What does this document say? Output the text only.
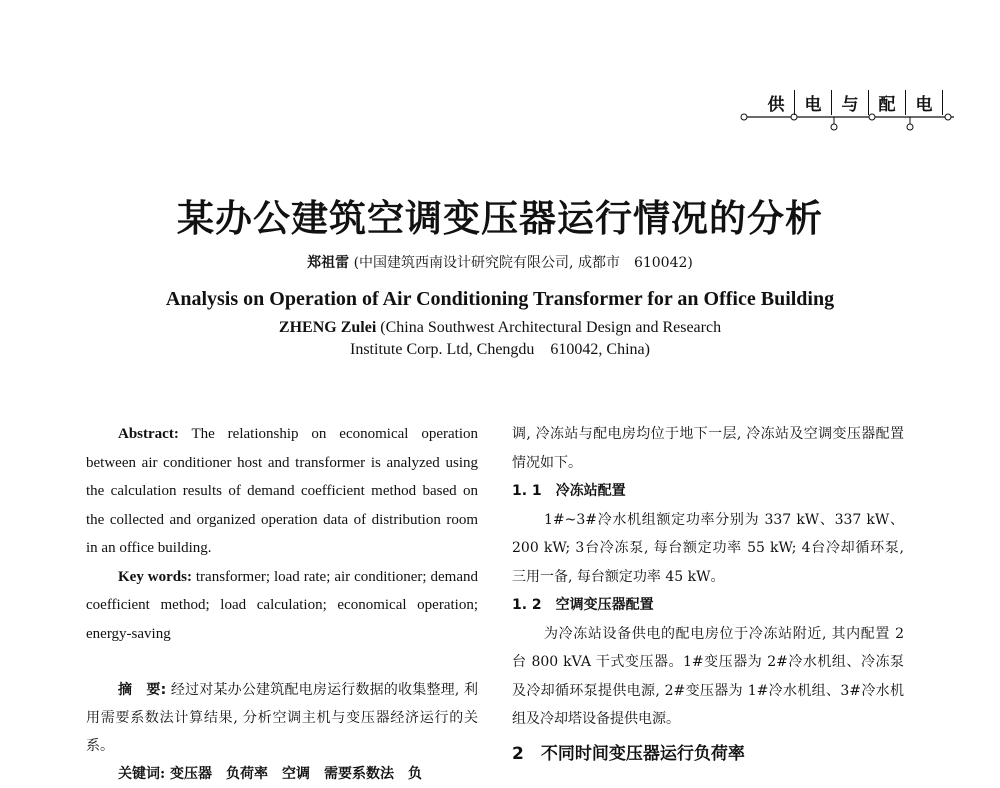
供	电	与	配	电
某办公建筑空调变压器运行情况的分析
郑祖雷 (中国建筑西南设计研究院有限公司, 成都市　610042)
Analysis on Operation of Air Conditioning Transformer for an Office Building
ZHENG Zulei (China Southwest Architectural Design and Research
Institute Corp. Ltd, Chengdu　610042, China)

Abstract: The relationship on economical operation between air conditioner host and transformer is analyzed using the calculation results of demand coefficient method based on the collected and organized operation data of distribution room in an office building.

Key words: transformer; load rate; air conditioner; demand coefficient method; load calculation; economical operation; energy-saving

摘　要: 经过对某办公建筑配电房运行数据的收集整理, 利用需要系数法计算结果, 分析空调主机与变压器经济运行的关系。

关键词: 变压器　负荷率　空调　需要系数法　负

调, 冷冻站与配电房均位于地下一层, 冷冻站及空调变压器配置情况如下。

1. 1　冷冻站配置

1#~3#冷水机组额定功率分别为 337 kW、337 kW、200 kW; 3台冷冻泵, 每台额定功率 55 kW; 4台冷却循环泵, 三用一备, 每台额定功率 45 kW。

1. 2　空调变压器配置

为冷冻站设备供电的配电房位于冷冻站附近, 其内配置 2 台 800 kVA 干式变压器。1#变压器为 2#冷水机组、冷冻泵及冷却循环泵提供电源, 2#变压器为 1#冷水机组、3#冷水机组及冷却塔设备提供电源。

2　不同时间变压器运行负荷率
